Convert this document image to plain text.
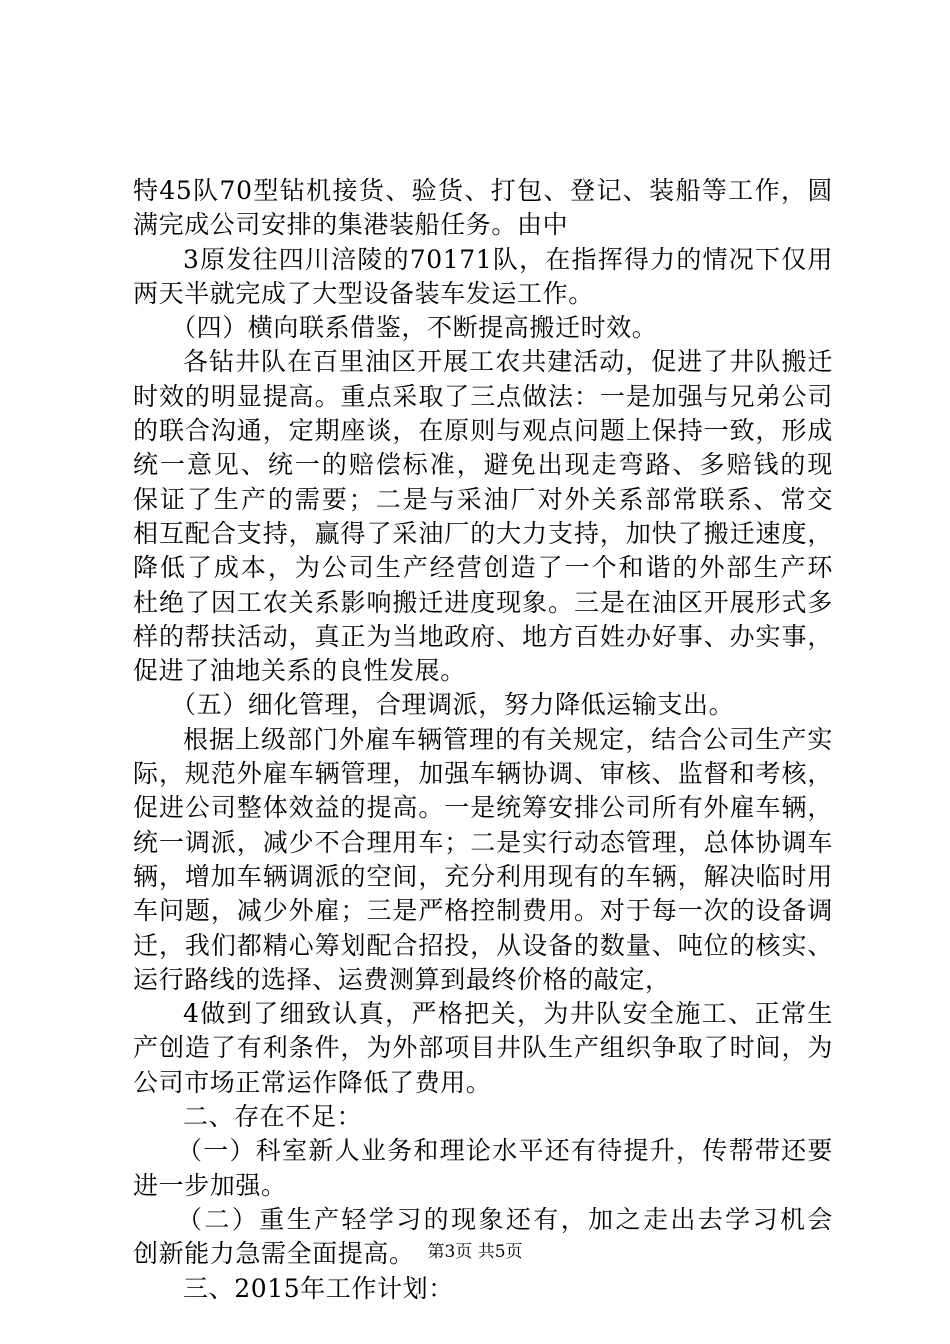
特45队70型钻机接货、验货、打包、登记、装船等工作，圆
满完成公司安排的集港装船任务。由中
3原发往四川涪陵的70171队，在指挥得力的情况下仅用
两天半就完成了大型设备装车发运工作。
（四）横向联系借鉴，不断提高搬迁时效。
各钻井队在百里油区开展工农共建活动，促进了井队搬迁
时效的明显提高。重点采取了三点做法：一是加强与兄弟公司
的联合沟通，定期座谈，在原则与观点问题上保持一致，形成
统一意见、统一的赔偿标准，避免出现走弯路、多赔钱的现
保证了生产的需要；二是与采油厂对外关系部常联系、常交
相互配合支持，赢得了采油厂的大力支持，加快了搬迁速度，
降低了成本，为公司生产经营创造了一个和谐的外部生产环
杜绝了因工农关系影响搬迁进度现象。三是在油区开展形式多
样的帮扶活动，真正为当地政府、地方百姓办好事、办实事，
促进了油地关系的良性发展。
（五）细化管理，合理调派，努力降低运输支出。
根据上级部门外雇车辆管理的有关规定，结合公司生产实
际，规范外雇车辆管理，加强车辆协调、审核、监督和考核，
促进公司整体效益的提高。一是统筹安排公司所有外雇车辆，
统一调派，减少不合理用车；二是实行动态管理，总体协调车
辆，增加车辆调派的空间，充分利用现有的车辆，解决临时用
车问题，减少外雇；三是严格控制费用。对于每一次的设备调
迁，我们都精心筹划配合招投，从设备的数量、吨位的核实、
运行路线的选择、运费测算到最终价格的敲定，
4做到了细致认真，严格把关，为井队安全施工、正常生
产创造了有利条件，为外部项目井队生产组织争取了时间，为
公司市场正常运作降低了费用。
二、存在不足：
（一）科室新人业务和理论水平还有待提升，传帮带还要
进一步加强。
（二）重生产轻学习的现象还有，加之走出去学习机会
创新能力急需全面提高。
三、2015年工作计划：
第3页 共5页
